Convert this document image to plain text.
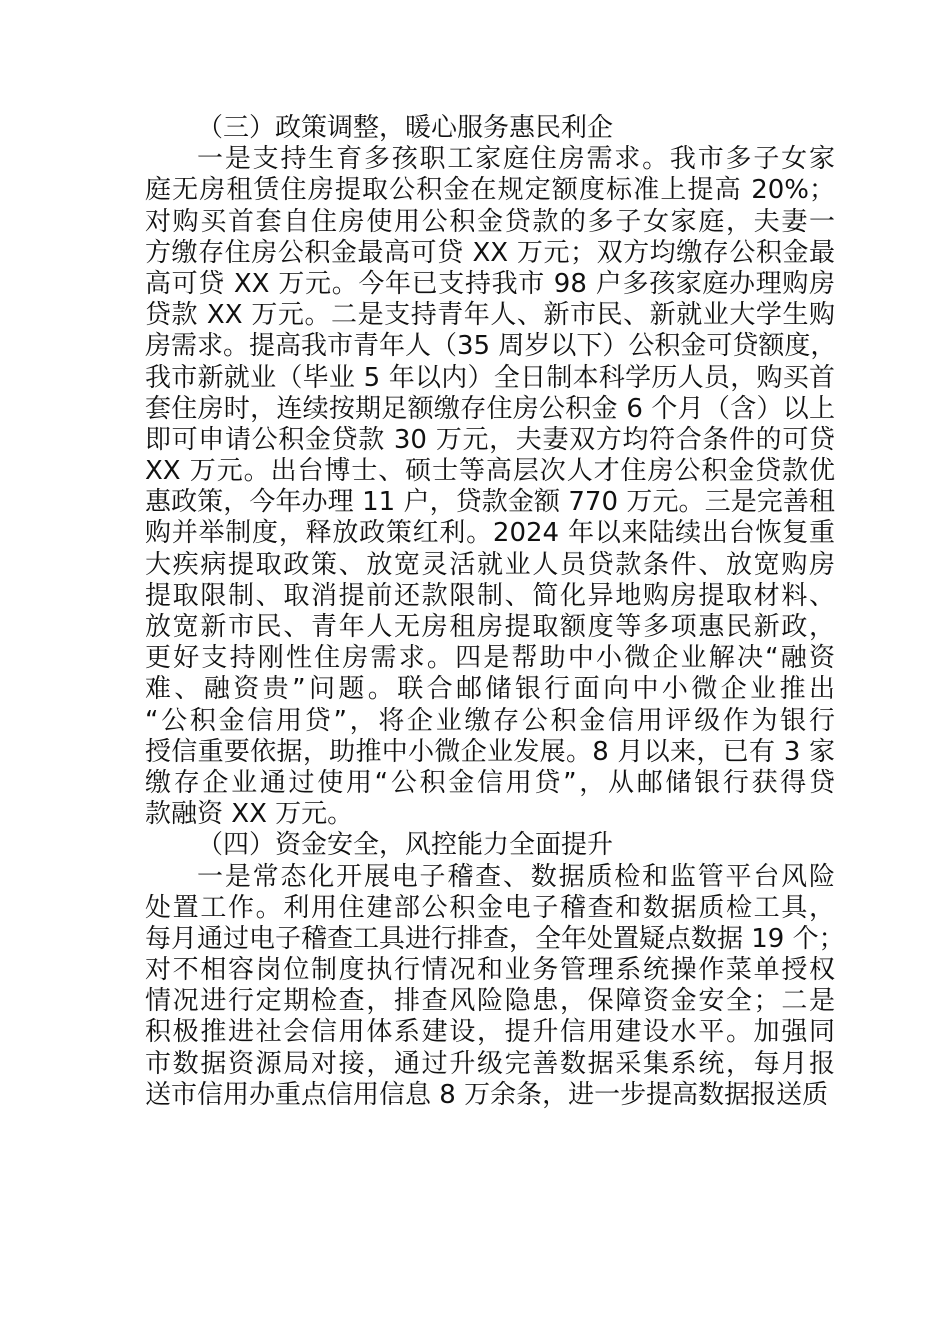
（三）政策调整，暖心服务惠民利企
一是支持生育多孩职工家庭住房需求。我市多子女家
庭无房租赁住房提取公积金在规定额度标准上提高 20%；
对购买首套自住房使用公积金贷款的多子女家庭，夫妻一
方缴存住房公积金最高可贷 XX 万元；双方均缴存公积金最
高可贷 XX 万元。今年已支持我市 98 户多孩家庭办理购房
贷款 XX 万元。二是支持青年人、新市民、新就业大学生购
房需求。提高我市青年人（35 周岁以下）公积金可贷额度，
我市新就业（毕业 5 年以内）全日制本科学历人员，购买首
套住房时，连续按期足额缴存住房公积金 6 个月（含）以上
即可申请公积金贷款 30 万元，夫妻双方均符合条件的可贷
XX 万元。出台博士、硕士等高层次人才住房公积金贷款优
惠政策，今年办理 11 户，贷款金额 770 万元。三是完善租
购并举制度，释放政策红利。2024 年以来陆续出台恢复重
大疾病提取政策、放宽灵活就业人员贷款条件、放宽购房
提取限制、取消提前还款限制、简化异地购房提取材料、
放宽新市民、青年人无房租房提取额度等多项惠民新政，
更好支持刚性住房需求。四是帮助中小微企业解决“融资
难、融资贵”问题。联合邮储银行面向中小微企业推出
“公积金信用贷”，将企业缴存公积金信用评级作为银行
授信重要依据，助推中小微企业发展。8 月以来，已有 3 家
缴存企业通过使用“公积金信用贷”，从邮储银行获得贷
款融资 XX 万元。
（四）资金安全，风控能力全面提升
一是常态化开展电子稽查、数据质检和监管平台风险
处置工作。利用住建部公积金电子稽查和数据质检工具，
每月通过电子稽查工具进行排查，全年处置疑点数据 19 个；
对不相容岗位制度执行情况和业务管理系统操作菜单授权
情况进行定期检查，排查风险隐患，保障资金安全；二是
积极推进社会信用体系建设，提升信用建设水平。加强同
市数据资源局对接，通过升级完善数据采集系统，每月报
送市信用办重点信用信息 8 万余条，进一步提高数据报送质
